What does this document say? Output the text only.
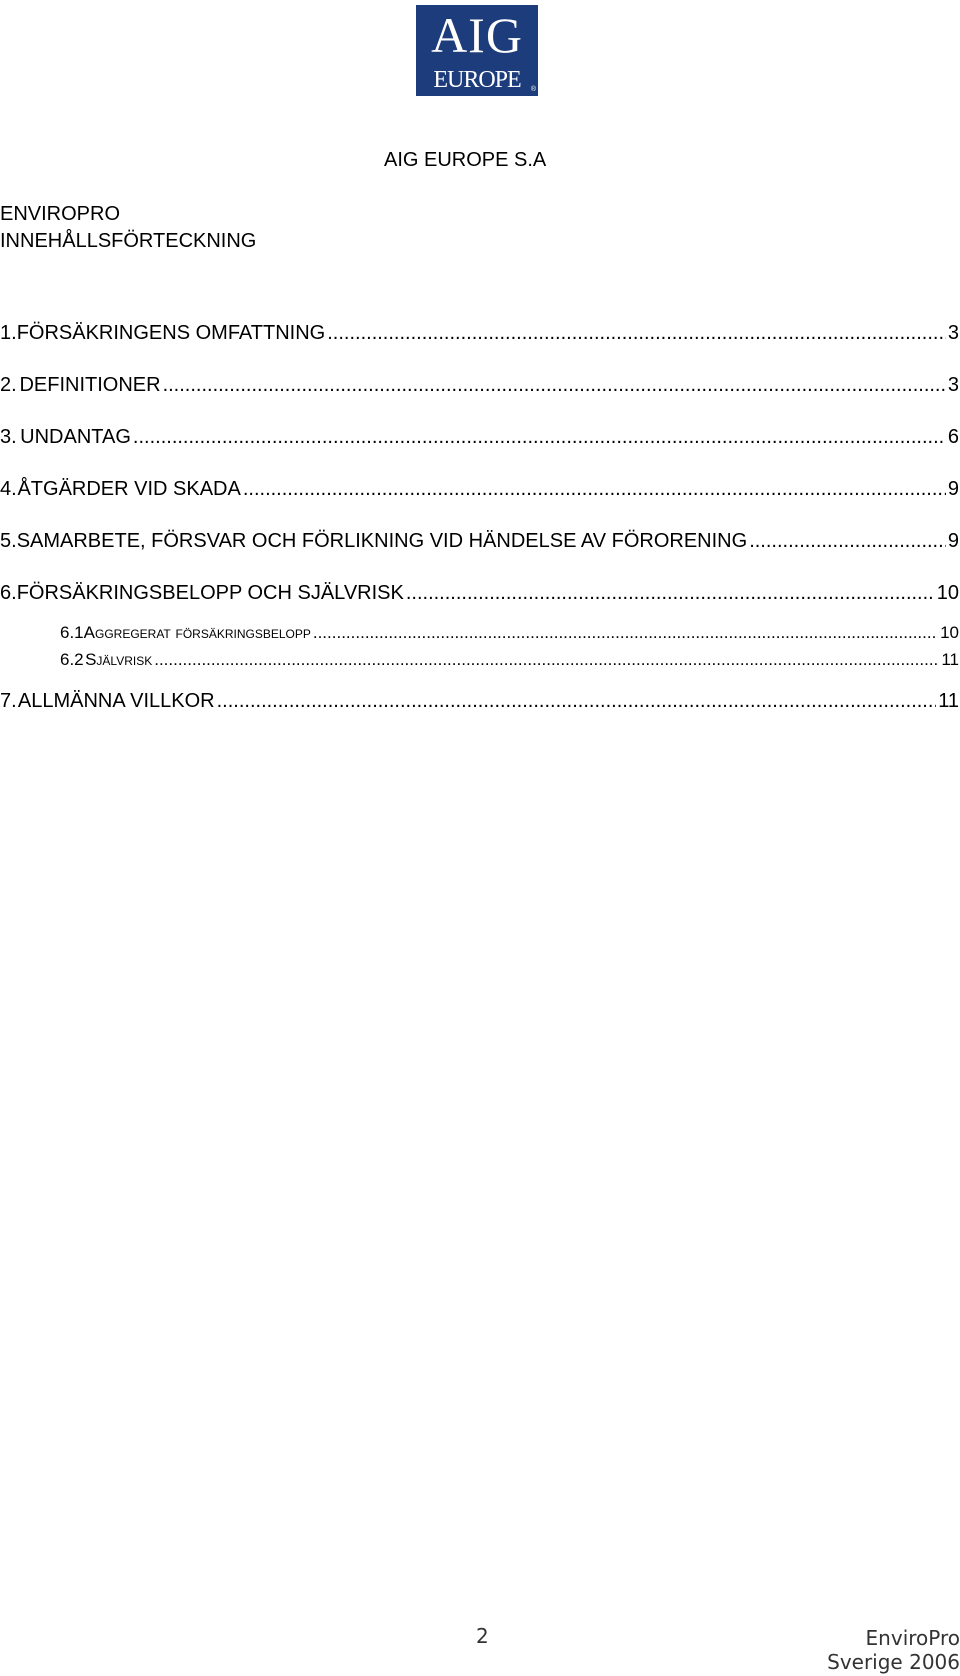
AIG
EUROPE	®
AIG EUROPE S.A
ENVIROPRO
INNEHÅLLSFÖRTECKNING
1. FÖRSÄKRINGENS OMFATTNING .....	3
2. DEFINITIONER .....	3
3. UNDANTAG .....	6
4. ÅTGÄRDER VID SKADA .....	9
5. SAMARBETE, FÖRSVAR OCH FÖRLIKNING VID HÄNDELSE AV FÖRORENING .....	9
6. FÖRSÄKRINGSBELOPP OCH SJÄLVRISK .....	10
6.1 Aggregerat försäkringsbelopp .....	10
6.2 Självrisk .....	11
7. ALLMÄNNA VILLKOR .....	11
2	EnviroPro
Sverige 2006
